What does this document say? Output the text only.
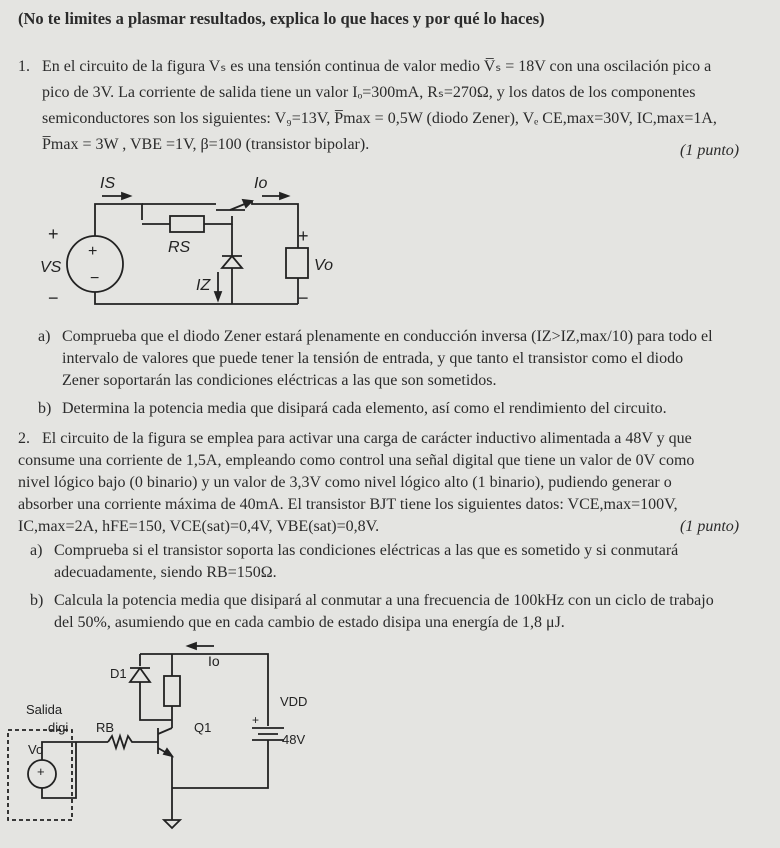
(No te limites a plasmar resultados, explica lo que haces y por qué lo haces)
1. En el circuito de la figura Vₛ es una tensión continua de valor medio V̅ₛ = 18V con una oscilación pico a
pico de 3V. La corriente de salida tiene un valor Iₒ=300mA, Rₛ=270Ω, y los datos de los componentes
semiconductores son los siguientes: V₉=13V, P̅max = 0,5W (diodo Zener), Vₑ CE,max=30V, IC,max=1A,
P̅max = 3W , VBE =1V, β=100 (transistor bipolar).	(1 punto)
IS	Io
RS
IZ
+
+
−
VS
−
+
Vo
−
a) Comprueba que el diodo Zener estará plenamente en conducción inversa (IZ>IZ,max/10) para todo el
intervalo de valores que puede tener la tensión de entrada, y que tanto el transistor como el diodo
Zener soportarán las condiciones eléctricas a las que son sometidos.
b) Determina la potencia media que disipará cada elemento, así como el rendimiento del circuito.
2. El circuito de la figura se emplea para activar una carga de carácter inductivo alimentada a 48V y que
consume una corriente de 1,5A, empleando como control una señal digital que tiene un valor de 0V como
nivel lógico bajo (0 binario) y un valor de 3,3V como nivel lógico alto (1 binario), pudiendo generar o
absorber una corriente máxima de 40mA. El transistor BJT tiene los siguientes datos: VCE,max=100V,
IC,max=2A, hFE=150, VCE(sat)=0,4V, VBE(sat)=0,8V.	(1 punto)
a) Comprueba si el transistor soporta las condiciones eléctricas a las que es sometido y si conmutará
adecuadamente, siendo RB=150Ω.
b) Calcula la potencia media que disipará al conmutar a una frecuencia de 100kHz con un ciclo de trabajo
del 50%, asumiendo que en cada cambio de estado disipa una energía de 1,8 μJ.
Io
D1
Salida
digi RB	Q1
VDD
48V
+
Vo
+
